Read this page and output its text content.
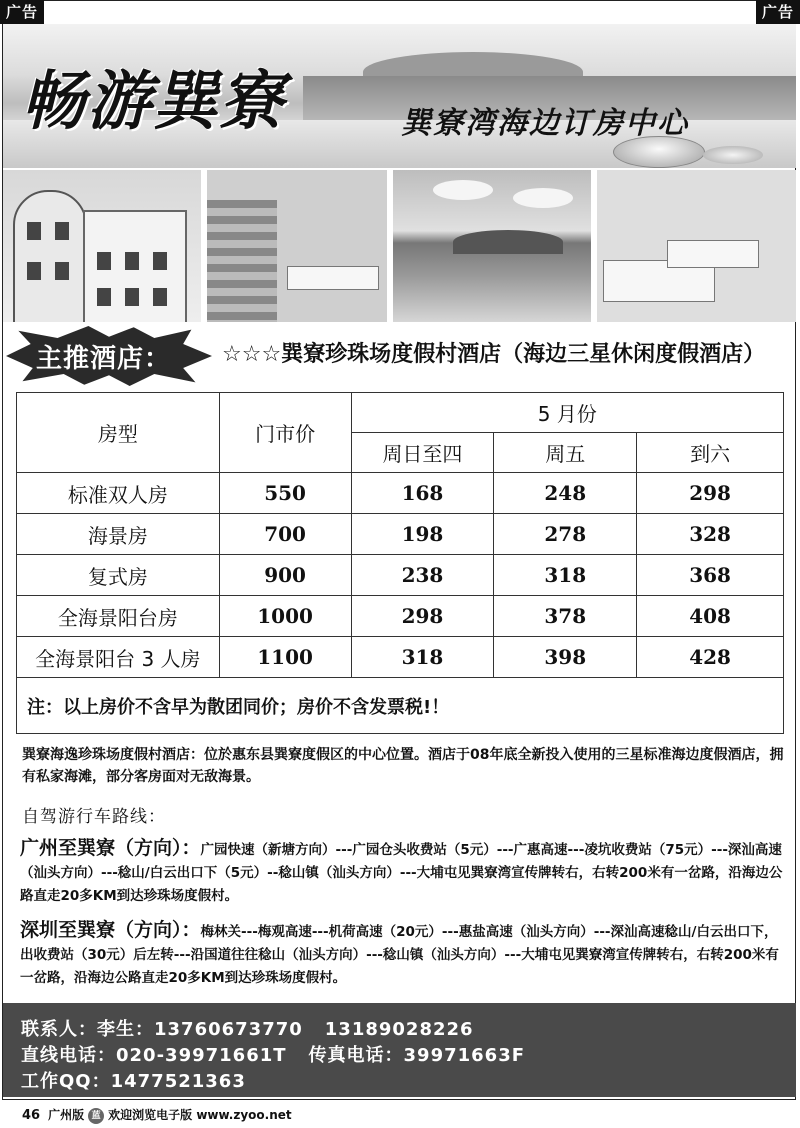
广告	广告
畅游巽寮	巽寮湾海边订房中心
主推酒店： ☆☆☆巽寮珍珠场度假村酒店（海边三星休闲度假酒店）
房型	门市价	5 月份		
		周日至四	周五	到六
标准双人房	550	168	248	298
海景房	700	198	278	328
复式房	900	238	318	368
全海景阳台房	1000	298	378	408
全海景阳台 3 人房	1100	318	398	428
注：以上房价不含早为散团同价；房价不含发票税!！				
巽寮海逸珍珠场度假村酒店：位於惠东县巽寮度假区的中心位置。酒店于08年底全新投入使用的三星标准海边度假酒店，拥有私家海滩，部分客房面对无敌海景。
自驾游行车路线：
广州至巽寮（方向）：广园快速（新塘方向）---广园仓头收费站（5元）---广惠高速---凌坑收费站（75元）---深汕高速（汕头方向）---稔山/白云出口下（5元）--稔山镇（汕头方向）---大埔屯见巽寮湾宣传牌转右，右转200米有一岔路，沿海边公路直走20多KM到达珍珠场度假村。
深圳至巽寮（方向）：梅林关---梅观高速---机荷高速（20元）---惠盐高速（汕头方向）---深汕高速稔山/白云出口下，出收费站（30元）后左转---沿国道往往稔山（汕头方向）---稔山镇（汕头方向）---大埔屯见巽寮湾宣传牌转右，右转200米有一岔路，沿海边公路直走20多KM到达珍珠场度假村。
联系人：李生：13760673770 13189028226
直线电话：020-39971661T 传真电话：39971663F
工作QQ：1477521363
46 广州版 蓝 欢迎浏览电子版 www.zyoo.net
